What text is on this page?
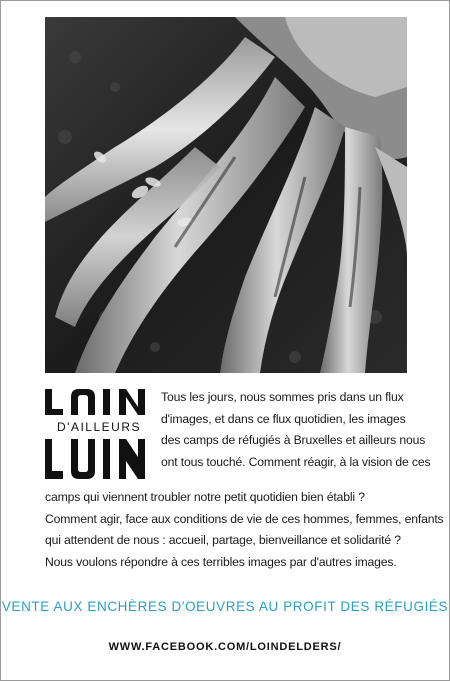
D'AILLEURS

Tous les jours, nous sommes pris dans un flux

d'images, et dans ce flux quotidien, les images

des camps de réfugiés à Bruxelles et ailleurs nous

ont tous touché. Comment réagir, à la vision de ces

camps qui viennent troubler notre petit quotidien bien établi ?

Comment agir, face aux conditions de vie de ces hommes, femmes, enfants

qui attendent de nous : accueil, partage, bienveillance et solidarité ?

Nous voulons répondre à ces terribles images par d'autres images.

VENTE AUX ENCHÈRES D'OEUVRES AU PROFIT DES RÉFUGIÉS
WWW.FACEBOOK.COM/LOINDELDERS/
